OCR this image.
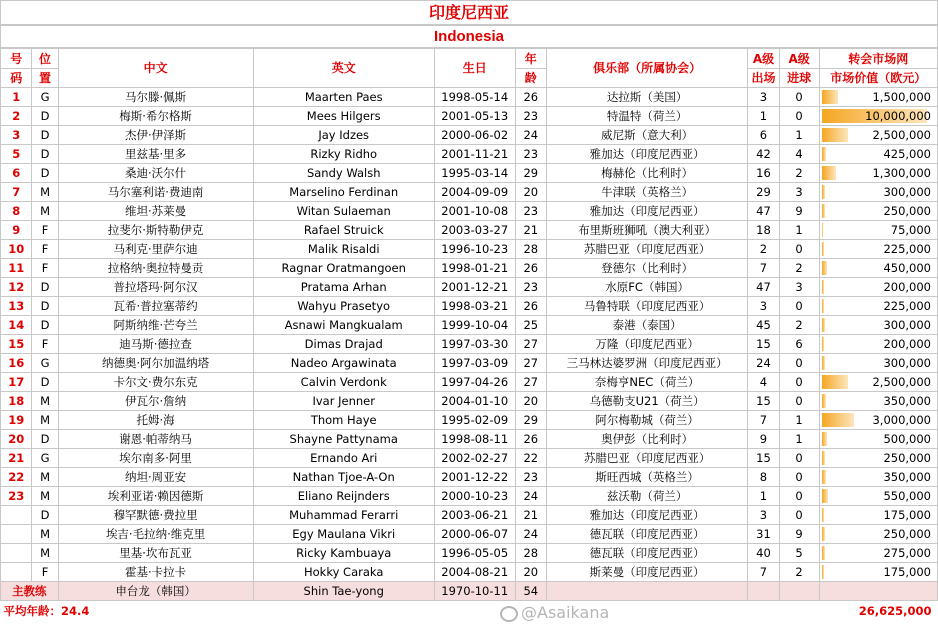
印度尼西亚
Indonesia
号	位	中文	英文	生日	年	俱乐部（所属协会）	A级	A级	转会市场网
码	置				龄		出场	进球	市场价值（欧元）
1	G	马尔滕·佩斯	Maarten Paes	1998-05-14	26	达拉斯（美国）	3	0	1,500,000
2	D	梅斯·希尔格斯	Mees Hilgers	2001-05-13	23	特温特（荷兰）	1	0	10,000,000
3	D	杰伊·伊泽斯	Jay Idzes	2000-06-02	24	威尼斯（意大利）	6	1	2,500,000
5	D	里兹基·里多	Rizky Ridho	2001-11-21	23	雅加达（印度尼西亚）	42	4	425,000
6	D	桑迪·沃尔什	Sandy Walsh	1995-03-14	29	梅赫伦（比利时）	16	2	1,300,000
7	M	马尔塞利诺·费迪南	Marselino Ferdinan	2004-09-09	20	牛津联（英格兰）	29	3	300,000
8	M	维坦·苏莱曼	Witan Sulaeman	2001-10-08	23	雅加达（印度尼西亚）	47	9	250,000
9	F	拉斐尔·斯特勒伊克	Rafael Struick	2003-03-27	21	布里斯班狮吼（澳大利亚）	18	1	75,000
10	F	马利克·里萨尔迪	Malik Risaldi	1996-10-23	28	苏腊巴亚（印度尼西亚）	2	0	225,000
11	F	拉格纳·奥拉特曼贡	Ragnar Oratmangoen	1998-01-21	26	登德尔（比利时）	7	2	450,000
12	D	普拉塔玛·阿尔汉	Pratama Arhan	2001-12-21	23	水原FC（韩国）	47	3	200,000
13	D	瓦希·普拉塞蒂约	Wahyu Prasetyo	1998-03-21	26	马鲁特联（印度尼西亚）	3	0	225,000
14	D	阿斯纳维·芒夸兰	Asnawi Mangkualam	1999-10-04	25	泰港（泰国）	45	2	300,000
15	F	迪马斯·德拉查	Dimas Drajad	1997-03-30	27	万隆（印度尼西亚）	15	6	200,000
16	G	纳德奥·阿尔加温纳塔	Nadeo Argawinata	1997-03-09	27	三马林达婆罗洲（印度尼西亚）	24	0	300,000
17	D	卡尔文·费尔东克	Calvin Verdonk	1997-04-26	27	奈梅亨NEC（荷兰）	4	0	2,500,000
18	M	伊瓦尔·詹纳	Ivar Jenner	2004-01-10	20	乌德勒支U21（荷兰）	15	0	350,000
19	M	托姆·海	Thom Haye	1995-02-09	29	阿尔梅勒城（荷兰）	7	1	3,000,000
20	D	谢恩·帕蒂纳马	Shayne Pattynama	1998-08-11	26	奥伊彭（比利时）	9	1	500,000
21	G	埃尔南多·阿里	Ernando Ari	2002-02-27	22	苏腊巴亚（印度尼西亚）	15	0	250,000
22	M	纳坦·周亚安	Nathan Tjoe-A-On	2001-12-22	23	斯旺西城（英格兰）	8	0	350,000
23	M	埃利亚诺·赖因德斯	Eliano Reijnders	2000-10-23	24	兹沃勒（荷兰）	1	0	550,000
	D	穆罕默德·费拉里	Muhammad Ferarri	2003-06-21	21	雅加达（印度尼西亚）	3	0	175,000
	M	埃吉·毛拉纳·维克里	Egy Maulana Vikri	2000-06-07	24	德瓦联（印度尼西亚）	31	9	250,000
	M	里基·坎布瓦亚	Ricky Kambuaya	1996-05-05	28	德瓦联（印度尼西亚）	40	5	275,000
	F	霍基·卡拉卡	Hokky Caraka	2004-08-21	20	斯莱曼（印度尼西亚）	7	2	175,000
主教练		申台龙（韩国）	Shin Tae-yong	1970-10-11	54				
平均年龄：24.4									26,625,000
@Asaikana
